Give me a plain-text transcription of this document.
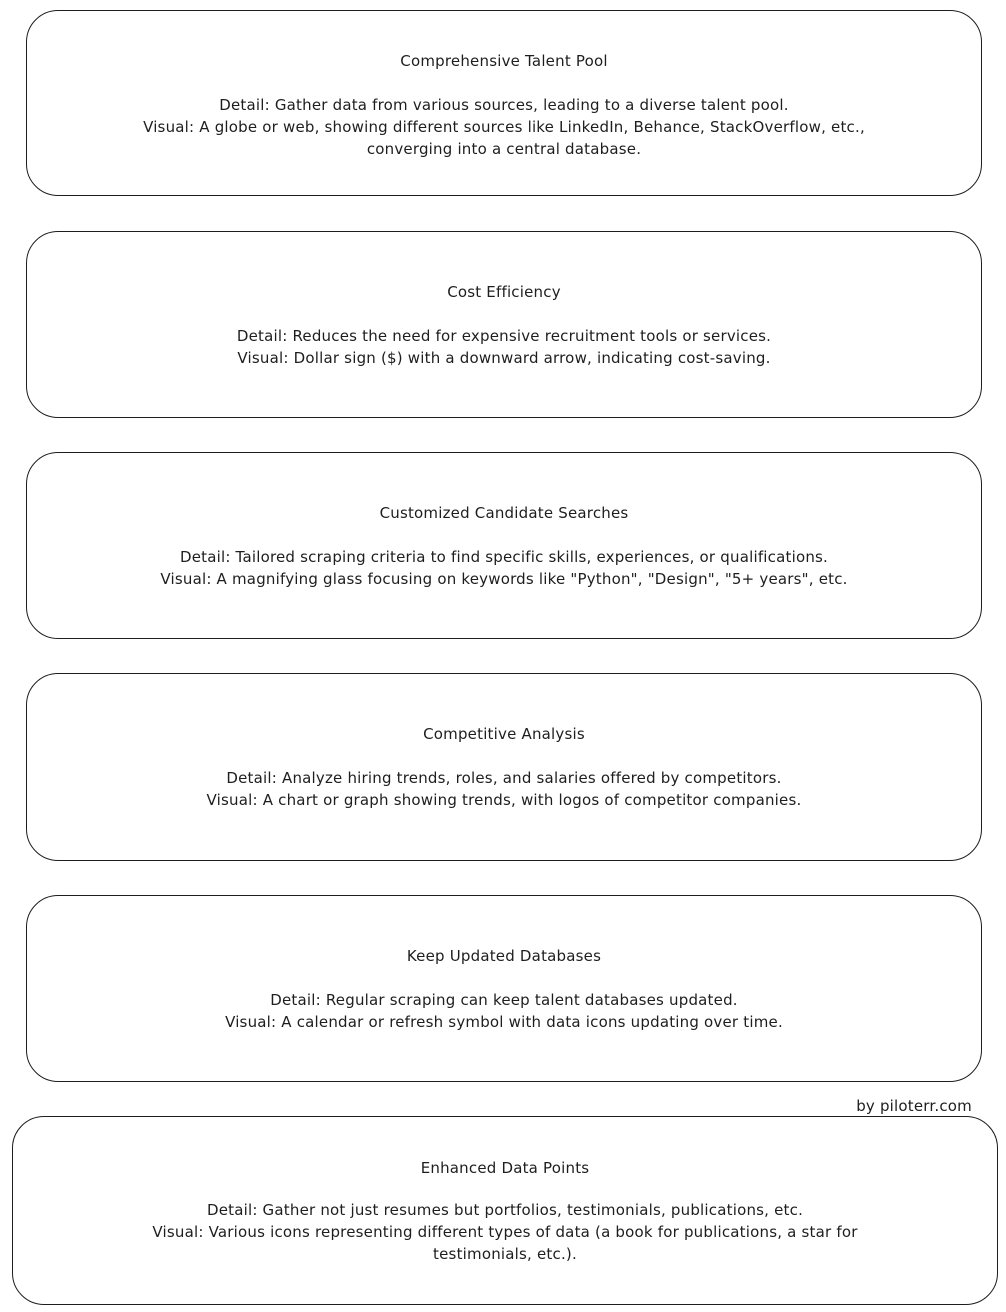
Comprehensive Talent Pool
Detail: Gather data from various sources, leading to a diverse talent pool.
Visual: A globe or web, showing different sources like LinkedIn, Behance, StackOverflow, etc.,
converging into a central database.
Cost Efficiency
Detail: Reduces the need for expensive recruitment tools or services.
Visual: Dollar sign ($) with a downward arrow, indicating cost-saving.
Customized Candidate Searches
Detail: Tailored scraping criteria to find specific skills, experiences, or qualifications.
Visual: A magnifying glass focusing on keywords like "Python", "Design", "5+ years", etc.
Competitive Analysis
Detail: Analyze hiring trends, roles, and salaries offered by competitors.
Visual: A chart or graph showing trends, with logos of competitor companies.
Keep Updated Databases
Detail: Regular scraping can keep talent databases updated.
Visual: A calendar or refresh symbol with data icons updating over time.
by piloterr.com
Enhanced Data Points
Detail: Gather not just resumes but portfolios, testimonials, publications, etc.
Visual: Various icons representing different types of data (a book for publications, a star for
testimonials, etc.).
